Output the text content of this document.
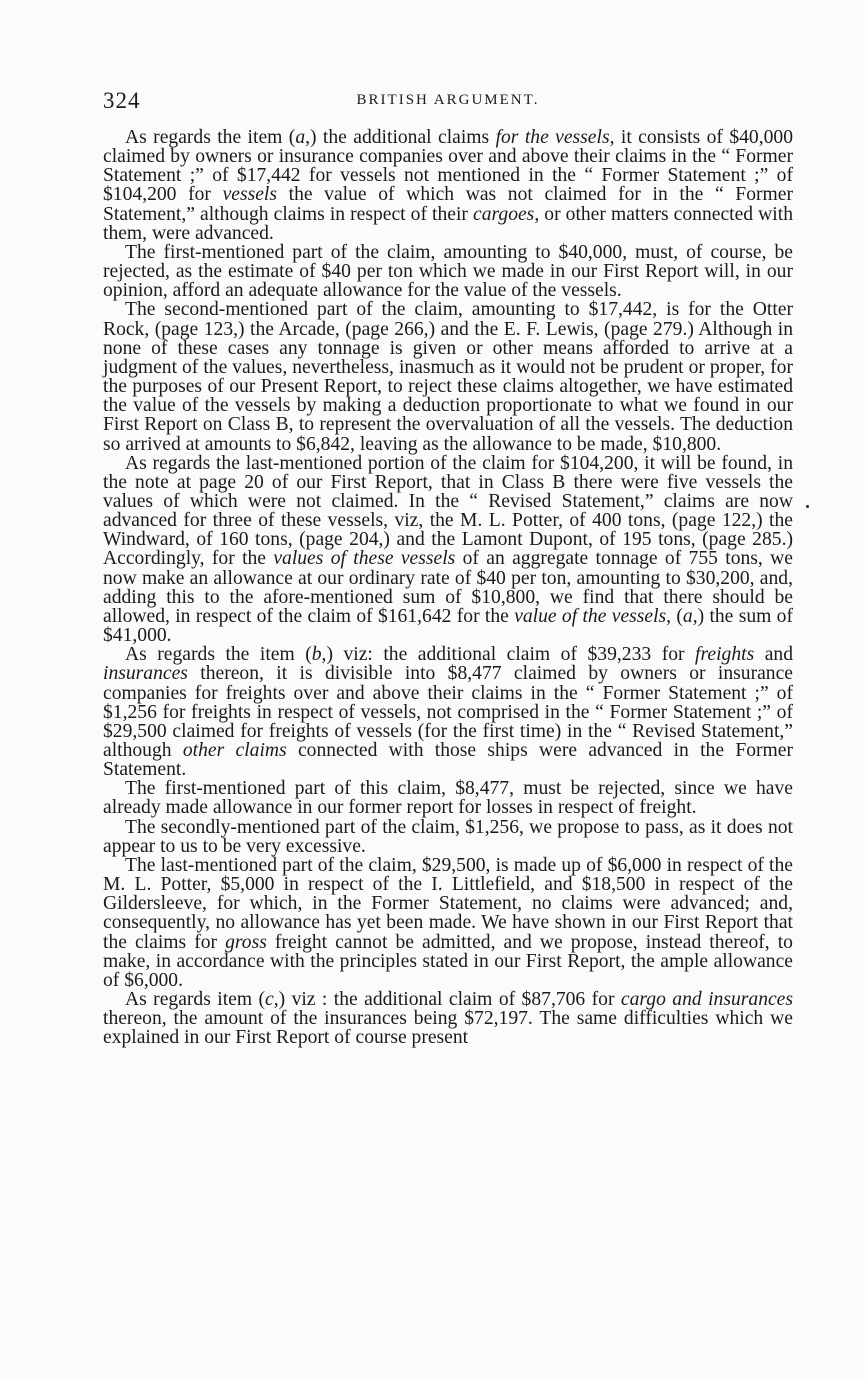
324	BRITISH ARGUMENT.

As regards the item (a,) the additional claims for the vessels, it consists of $40,000 claimed by owners or insurance companies over and above their claims in the “ Former Statement ;” of $17,442 for vessels not mentioned in the “ Former Statement ;” of $104,200 for vessels the value of which was not claimed for in the “ Former Statement,” although claims in respect of their cargoes, or other matters connected with them, were advanced.

The first-mentioned part of the claim, amounting to $40,000, must, of course, be rejected, as the estimate of $40 per ton which we made in our First Report will, in our opinion, afford an adequate allowance for the value of the vessels.

The second-mentioned part of the claim, amounting to $17,442, is for the Otter Rock, (page 123,) the Arcade, (page 266,) and the E. F. Lewis, (page 279.) Although in none of these cases any tonnage is given or other means afforded to arrive at a judgment of the values, nevertheless, inasmuch as it would not be prudent or proper, for the purposes of our Present Report, to reject these claims altogether, we have estimated the value of the vessels by making a deduction proportionate to what we found in our First Report on Class B, to represent the overvaluation of all the vessels. The deduction so arrived at amounts to $6,842, leaving as the allowance to be made, $10,800.

As regards the last-mentioned portion of the claim for $104,200, it will be found, in the note at page 20 of our First Report, that in Class B there were five vessels the values of which were not claimed. In the “ Revised Statement,” claims are now advanced for three of these vessels, viz, the M. L. Potter, of 400 tons, (page 122,) the Windward, of 160 tons, (page 204,) and the Lamont Dupont, of 195 tons, (page 285.) Accordingly, for the values of these vessels of an aggregate tonnage of 755 tons, we now make an allowance at our ordinary rate of $40 per ton, amounting to $30,200, and, adding this to the afore-mentioned sum of $10,800, we find that there should be allowed, in respect of the claim of $161,642 for the value of the vessels, (a,) the sum of $41,000.

As regards the item (b,) viz: the additional claim of $39,233 for freights and insurances thereon, it is divisible into $8,477 claimed by owners or insurance companies for freights over and above their claims in the “ Former Statement ;” of $1,256 for freights in respect of vessels, not comprised in the “ Former Statement ;” of $29,500 claimed for freights of vessels (for the first time) in the “ Revised Statement,” although other claims connected with those ships were advanced in the Former Statement.

The first-mentioned part of this claim, $8,477, must be rejected, since we have already made allowance in our former report for losses in respect of freight.

The secondly-mentioned part of the claim, $1,256, we propose to pass, as it does not appear to us to be very excessive.

The last-mentioned part of the claim, $29,500, is made up of $6,000 in respect of the M. L. Potter, $5,000 in respect of the I. Littlefield, and $18,500 in respect of the Gildersleeve, for which, in the Former Statement, no claims were advanced; and, consequently, no allowance has yet been made. We have shown in our First Report that the claims for gross freight cannot be admitted, and we propose, instead thereof, to make, in accordance with the principles stated in our First Report, the ample allowance of $6,000.

As regards item (c,) viz : the additional claim of $87,706 for cargo and insurances thereon, the amount of the insurances being $72,197. The same difficulties which we explained in our First Report of course present
